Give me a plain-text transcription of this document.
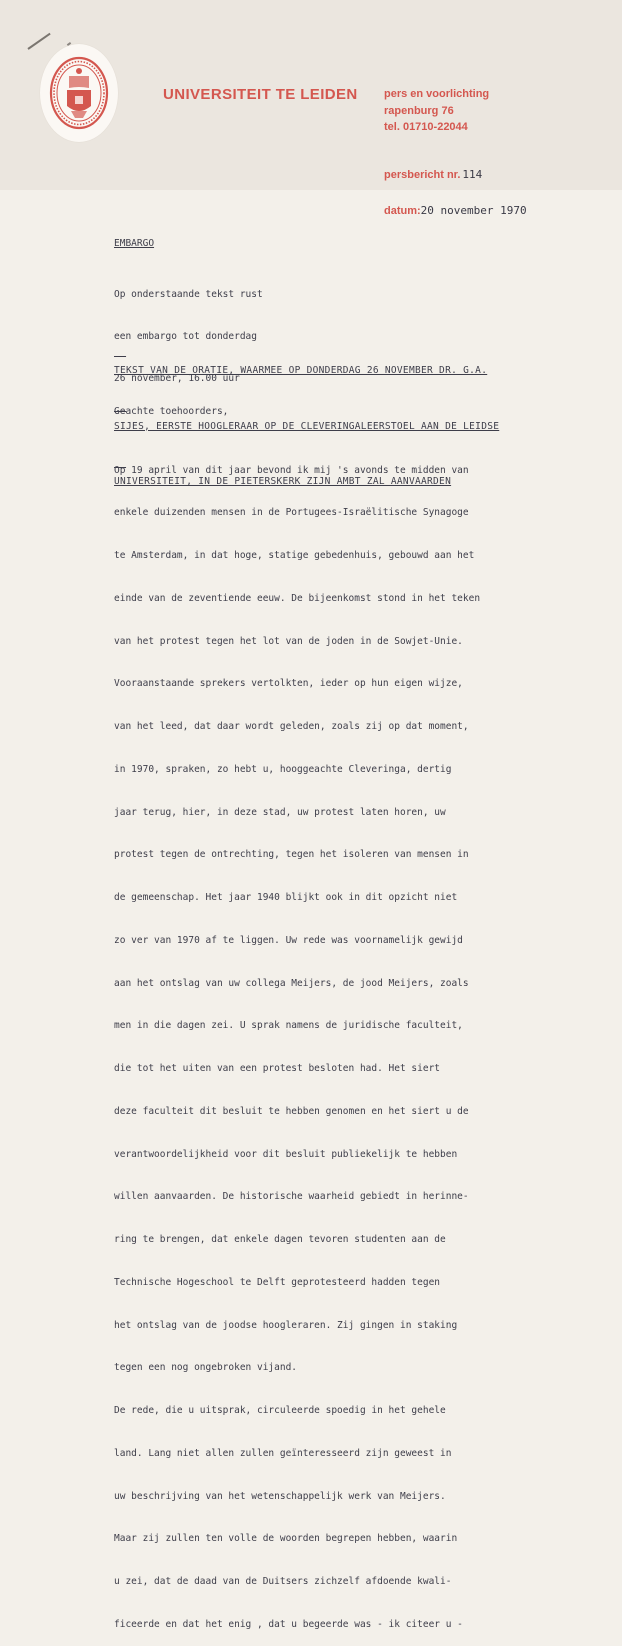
UNIVERSITEIT TE LEIDEN pers en voorlichting
rapenburg 76
tel. 01710-22044
persbericht nr. 114
datum:20 november 1970
EMBARGO

Op onderstaande tekst rust

een embargo tot donderdag

26 november, 16.00 uur

TEKST VAN DE ORATIE, WAARMEE OP DONDERDAG 26 NOVEMBER DR. G.A.

SIJES, EERSTE HOOGLERAAR OP DE CLEVERINGALEERSTOEL AAN DE LEIDSE

UNIVERSITEIT, IN DE PIETERSKERK ZIJN AMBT ZAL AANVAARDEN

Geachte toehoorders,

Op 19 april van dit jaar bevond ik mij 's avonds te midden van

enkele duizenden mensen in de Portugees-Israëlitische Synagoge

te Amsterdam, in dat hoge, statige gebedenhuis, gebouwd aan het

einde van de zeventiende eeuw. De bijeenkomst stond in het teken

van het protest tegen het lot van de joden in de Sowjet-Unie.

Vooraanstaande sprekers vertolkten, ieder op hun eigen wijze,

van het leed, dat daar wordt geleden, zoals zij op dat moment,

in 1970, spraken, zo hebt u, hooggeachte Cleveringa, dertig

jaar terug, hier, in deze stad, uw protest laten horen, uw

protest tegen de ontrechting, tegen het isoleren van mensen in

de gemeenschap. Het jaar 1940 blijkt ook in dit opzicht niet

zo ver van 1970 af te liggen. Uw rede was voornamelijk gewijd

aan het ontslag van uw collega Meijers, de jood Meijers, zoals

men in die dagen zei. U sprak namens de juridische faculteit,

die tot het uiten van een protest besloten had. Het siert

deze faculteit dit besluit te hebben genomen en het siert u de

verantwoordelijkheid voor dit besluit publiekelijk te hebben

willen aanvaarden. De historische waarheid gebiedt in herinne-

ring te brengen, dat enkele dagen tevoren studenten aan de

Technische Hogeschool te Delft geprotesteerd hadden tegen

het ontslag van de joodse hoogleraren. Zij gingen in staking

tegen een nog ongebroken vijand.

De rede, die u uitsprak, circuleerde spoedig in het gehele

land. Lang niet allen zullen geïnteresseerd zijn geweest in

uw beschrijving van het wetenschappelijk werk van Meijers.

Maar zij zullen ten volle de woorden begrepen hebben, waarin

u zei, dat de daad van de Duitsers zichzelf afdoende kwali-

ficeerde en dat het enig , dat u begeerde was - ik citeer u -
